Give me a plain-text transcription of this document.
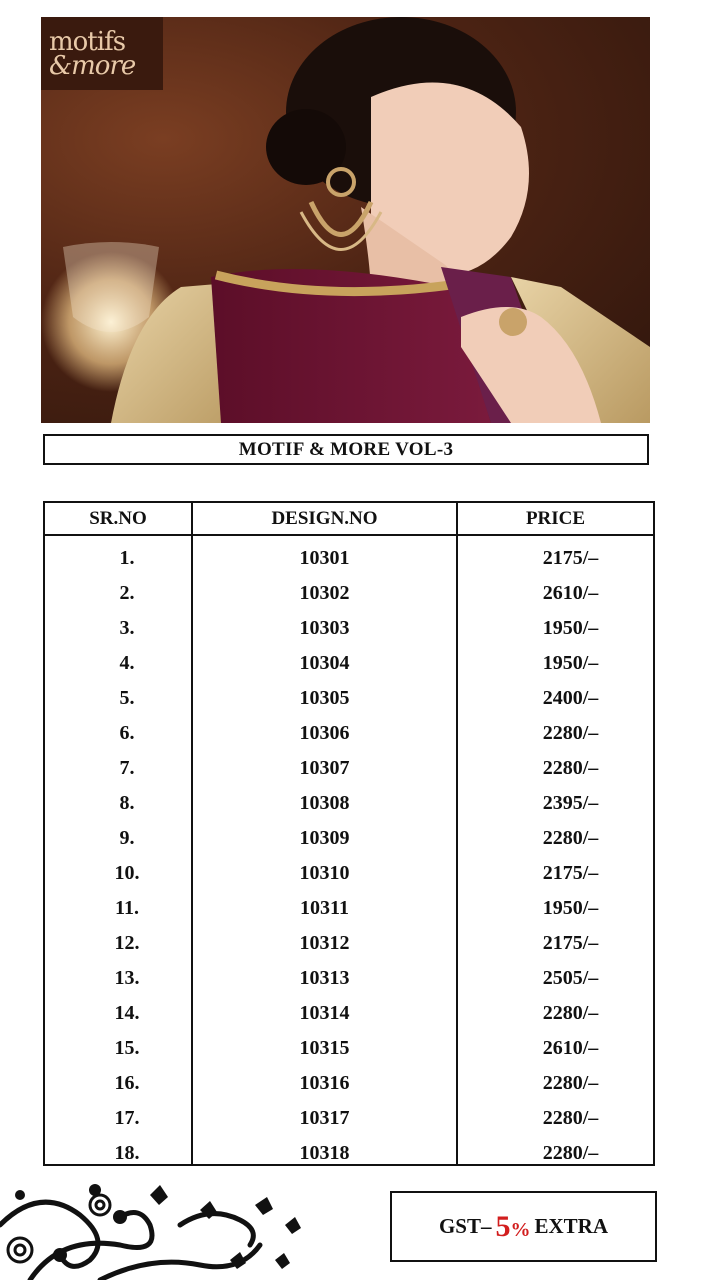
motifs
&more
MOTIF & MORE VOL-3
SR.NO	DESIGN.NO	PRICE
1.	10301	2175/–
2.	10302	2610/–
3.	10303	1950/–
4.	10304	1950/–
5.	10305	2400/–
6.	10306	2280/–
7.	10307	2280/–
8.	10308	2395/–
9.	10309	2280/–
10.	10310	2175/–
11.	10311	1950/–
12.	10312	2175/–
13.	10313	2505/–
14.	10314	2280/–
15.	10315	2610/–
16.	10316	2280/–
17.	10317	2280/–
18.	10318	2280/–
GST– 5% EXTRA
